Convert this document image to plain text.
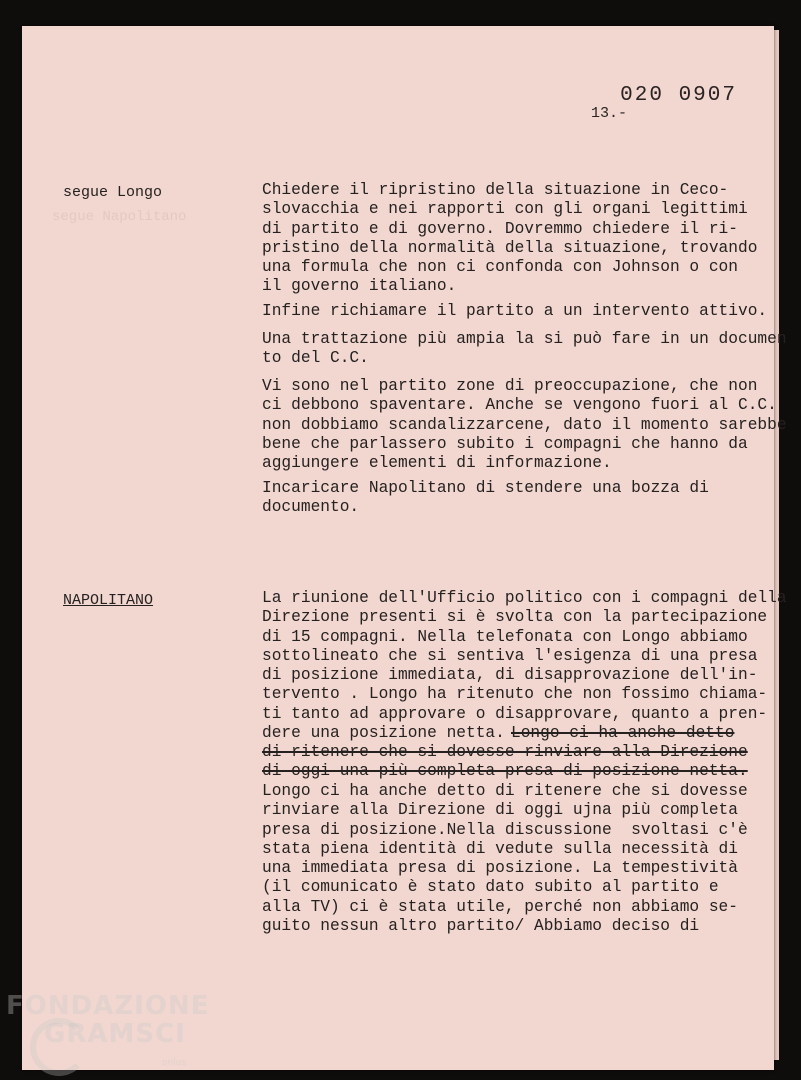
segue Napolitano
020 0907
13.-
segue Longo	Chiedere il ripristino della situazione in Ceco-
slovacchia e nei rapporti con gli organi legittimi
di partito e di governo. Dovremmo chiedere il ri-
pristino della normalità della situazione, trovando
una formula che non ci confonda con Johnson o con
il governo italiano.

Infine richiamare il partito a un intervento attivo.

Una trattazione più ampia la si può fare in un documen
to del C.C.

Vi sono nel partito zone di preoccupazione, che non
ci debbono spaventare. Anche se vengono fuori al C.C.
non dobbiamo scandalizzarcene, dato il momento sarebbe
bene che parlassero subito i compagni che hanno da
aggiungere elementi di informazione.

Incaricare Napolitano di stendere una bozza di
documento.

NAPOLITANO	La riunione dell'Ufficio politico con i compagni della
Direzione presenti si è svolta con la partecipazione
di 15 compagni. Nella telefonata con Longo abbiamo
sottolineato che si sentiva l'esigenza di una presa
di posizione immediata, di disapprovazione dell'in-
terveпto . Longo ha ritenuto che non fossimo chiama-
ti tanto ad approvare o disapprovare, quanto a pren-
dere una posizione netta. Longo ci ha anche detto

di ritenere che si dovesse rinviare alla Direzione
di oggi una più completa presa di posizione netta.

Longo ci ha anche detto di ritenere che si dovesse
rinviare alla Direzione di oggi ujna più completa
presa di posizione.Nella discussione  svoltasi c'è
stata piena identità di vedute sulla necessità di
una immediata presa di posizione. La tempestività
(il comunicato è stato dato subito al partito e
alla TV) ci è stata utile, perché non abbiamo se-
guito nessun altro partito/ Abbiamo deciso di

FONDAZIONE
GRAMSCI
onlus
